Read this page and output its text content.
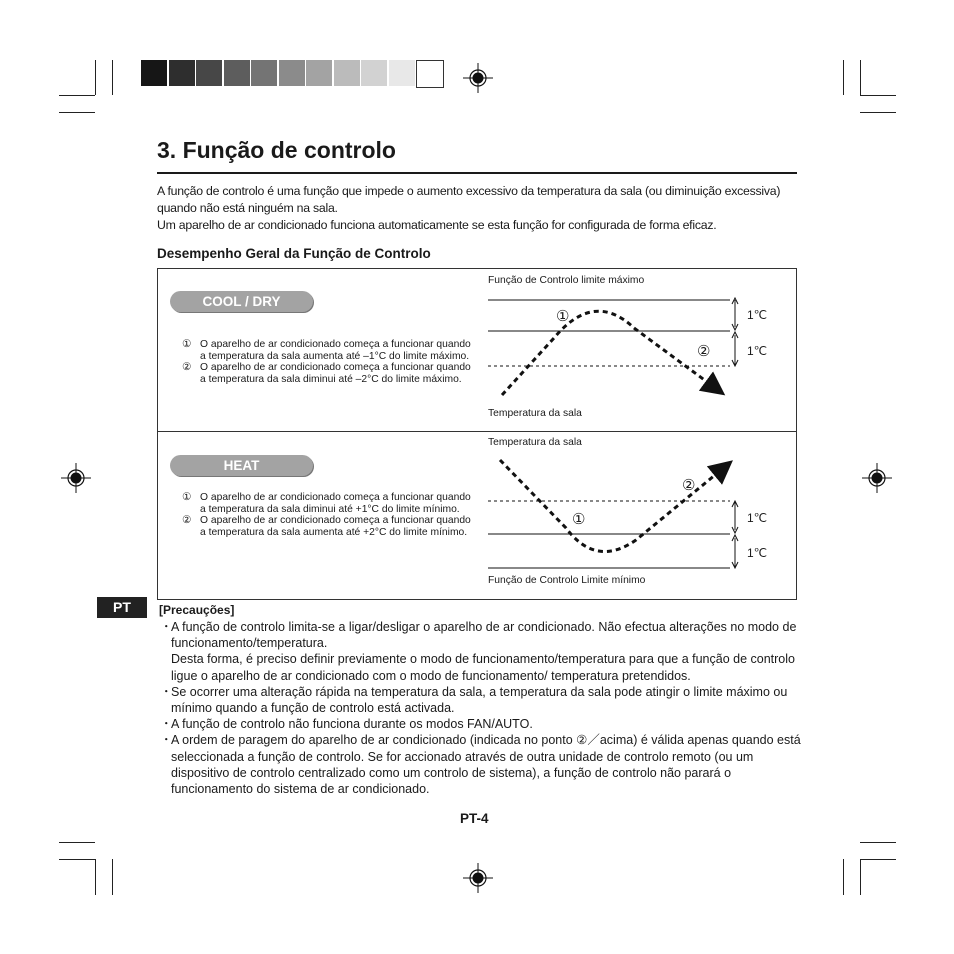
3. Função de controlo

A função de controlo é uma função que impede o aumento excessivo da temperatura da sala (ou diminuição excessiva) quando não está ninguém na sala.

Um aparelho de ar condicionado funciona automaticamente se esta função for configurada de forma eficaz.

Desempenho Geral da Função de Controlo
COOL / DRY
① O aparelho de ar condicionado começa a funcionar quando a temperatura da sala aumenta até –1°C do limite máximo.
② O aparelho de ar condicionado começa a funcionar quando a temperatura da sala diminui até –2°C do limite máximo.
HEAT
① O aparelho de ar condicionado começa a funcionar quando a temperatura da sala diminui até +1°C do limite mínimo.
② O aparelho de ar condicionado começa a funcionar quando a temperatura da sala aumenta até +2°C do limite mínimo.
Função de Controlo limite máximo
Temperatura da sala
Temperatura da sala
Função de Controlo Limite mínimo
1℃
1℃
1℃
1℃
①
②
①
②
PT	[Precauções]
・
A função de controlo limita-se a ligar/desligar o aparelho de ar condicionado. Não efectua alterações no modo de funcionamento/temperatura.
Desta forma, é preciso definir previamente o modo de funcionamento/temperatura para que a função de controlo ligue o aparelho de ar condicionado com o modo de funcionamento/ temperatura pretendidos.
・
Se ocorrer uma alteração rápida na temperatura da sala, a temperatura da sala pode atingir o limite máximo ou mínimo quando a função de controlo está activada.
・
A função de controlo não funciona durante os modos FAN/AUTO.
・
A ordem de paragem do aparelho de ar condicionado (indicada no ponto ②／acima) é válida apenas quando está seleccionada a função de controlo. Se for accionado através de outra unidade de controlo remoto (ou um dispositivo de controlo centralizado como um controlo de sistema), a função de controlo não parará o funcionamento do sistema de ar condicionado.
PT-4
